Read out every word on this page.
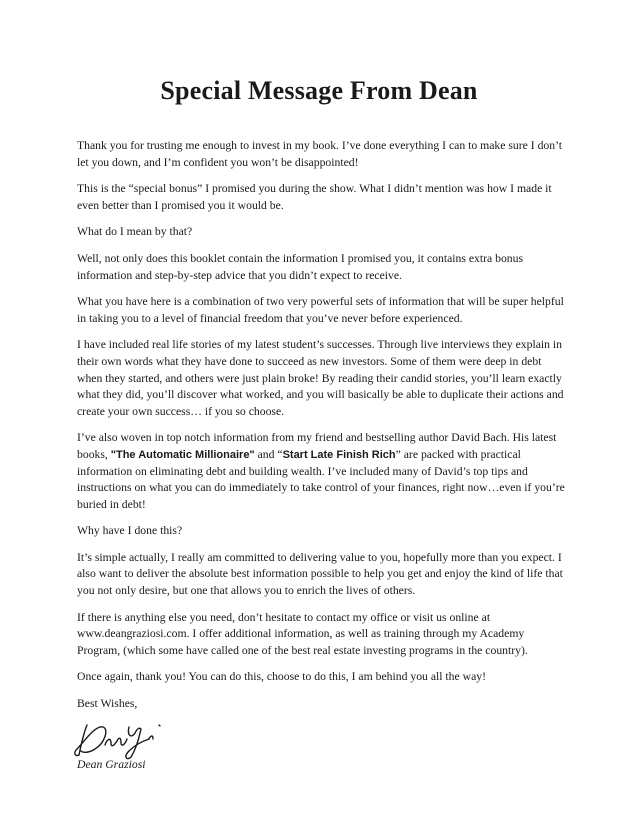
Special Message From Dean

Thank you for trusting me enough to invest in my book. I’ve done everything I can to make sure I don’t let you down, and I’m confident you won’t be disappointed!

This is the “special bonus” I promised you during the show. What I didn’t mention was how I made it even better than I promised you it would be.

What do I mean by that?

Well, not only does this booklet contain the information I promised you, it contains extra bonus information and step-by-step advice that you didn’t expect to receive.

What you have here is a combination of two very powerful sets of information that will be super helpful in taking you to a level of financial freedom that you’ve never before experienced.

I have included real life stories of my latest student’s successes. Through live interviews they explain in their own words what they have done to succeed as new investors. Some of them were deep in debt when they started, and others were just plain broke! By reading their candid stories, you’ll learn exactly what they did, you’ll discover what worked, and you will basically be able to duplicate their actions and create your own success… if you so choose.

I’ve also woven in top notch information from my friend and bestselling author David Bach. His latest books, "The Automatic Millionaire" and “Start Late Finish Rich” are packed with practical information on eliminating debt and building wealth. I’ve included many of David’s top tips and instructions on what you can do immediately to take control of your finances, right now…even if you’re buried in debt!

Why have I done this?

It’s simple actually, I really am committed to delivering value to you, hopefully more than you expect. I also want to deliver the absolute best information possible to help you get and enjoy the kind of life that you not only desire, but one that allows you to enrich the lives of others.

If there is anything else you need, don’t hesitate to contact my office or visit us online at www.deangraziosi.com. I offer additional information, as well as training through my Academy Program, (which some have called one of the best real estate investing programs in the country).

Once again, thank you! You can do this, choose to do this, I am behind you all the way!

Best Wishes,
Dean Graziosi
